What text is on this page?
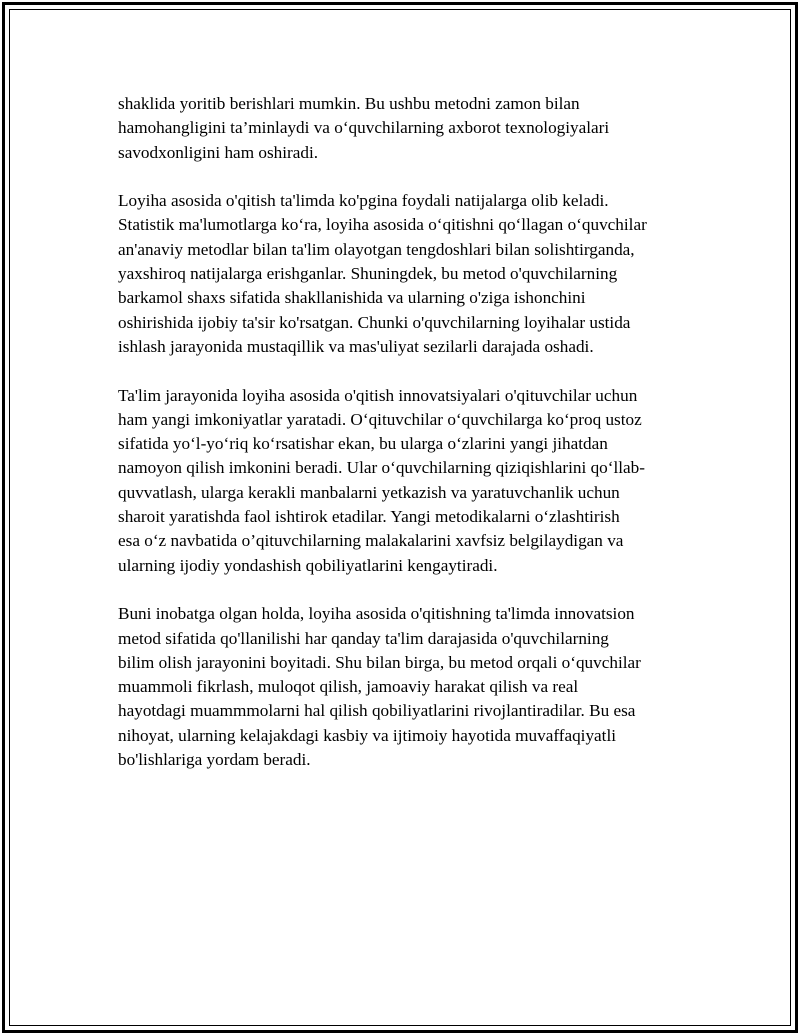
shaklida yoritib berishlari mumkin. Bu ushbu metodni zamon bilan
hamohangligini ta’minlaydi va o‘quvchilarning axborot texnologiyalari
savodxonligini ham oshiradi.
Loyiha asosida o'qitish ta'limda ko'pgina foydali natijalarga olib keladi.
Statistik ma'lumotlarga ko‘ra, loyiha asosida o‘qitishni qo‘llagan o‘quvchilar
an'anaviy metodlar bilan ta'lim olayotgan tengdoshlari bilan solishtirganda,
yaxshiroq natijalarga erishganlar. Shuningdek, bu metod o'quvchilarning
barkamol shaxs sifatida shakllanishida va ularning o'ziga ishonchini
oshirishida ijobiy ta'sir ko'rsatgan. Chunki o'quvchilarning loyihalar ustida
ishlash jarayonida mustaqillik va mas'uliyat sezilarli darajada oshadi.
Ta'lim jarayonida loyiha asosida o'qitish innovatsiyalari o'qituvchilar uchun
ham yangi imkoniyatlar yaratadi. O‘qituvchilar o‘quvchilarga ko‘proq ustoz
sifatida yo‘l-yo‘riq ko‘rsatishar ekan, bu ularga o‘zlarini yangi jihatdan
namoyon qilish imkonini beradi. Ular o‘quvchilarning qiziqishlarini qo‘llab-
quvvatlash, ularga kerakli manbalarni yetkazish va yaratuvchanlik uchun
sharoit yaratishda faol ishtirok etadilar. Yangi metodikalarni o‘zlashtirish
esa o‘z navbatida o’qituvchilarning malakalarini xavfsiz belgilaydigan va
ularning ijodiy yondashish qobiliyatlarini kengaytiradi.
Buni inobatga olgan holda, loyiha asosida o'qitishning ta'limda innovatsion
metod sifatida qo'llanilishi har qanday ta'lim darajasida o'quvchilarning
bilim olish jarayonini boyitadi. Shu bilan birga, bu metod orqali o‘quvchilar
muammoli fikrlash, muloqot qilish, jamoaviy harakat qilish va real
hayotdagi muammmolarni hal qilish qobiliyatlarini rivojlantiradilar. Bu esa
nihoyat, ularning kelajakdagi kasbiy va ijtimoiy hayotida muvaffaqiyatli
bo'lishlariga yordam beradi.
